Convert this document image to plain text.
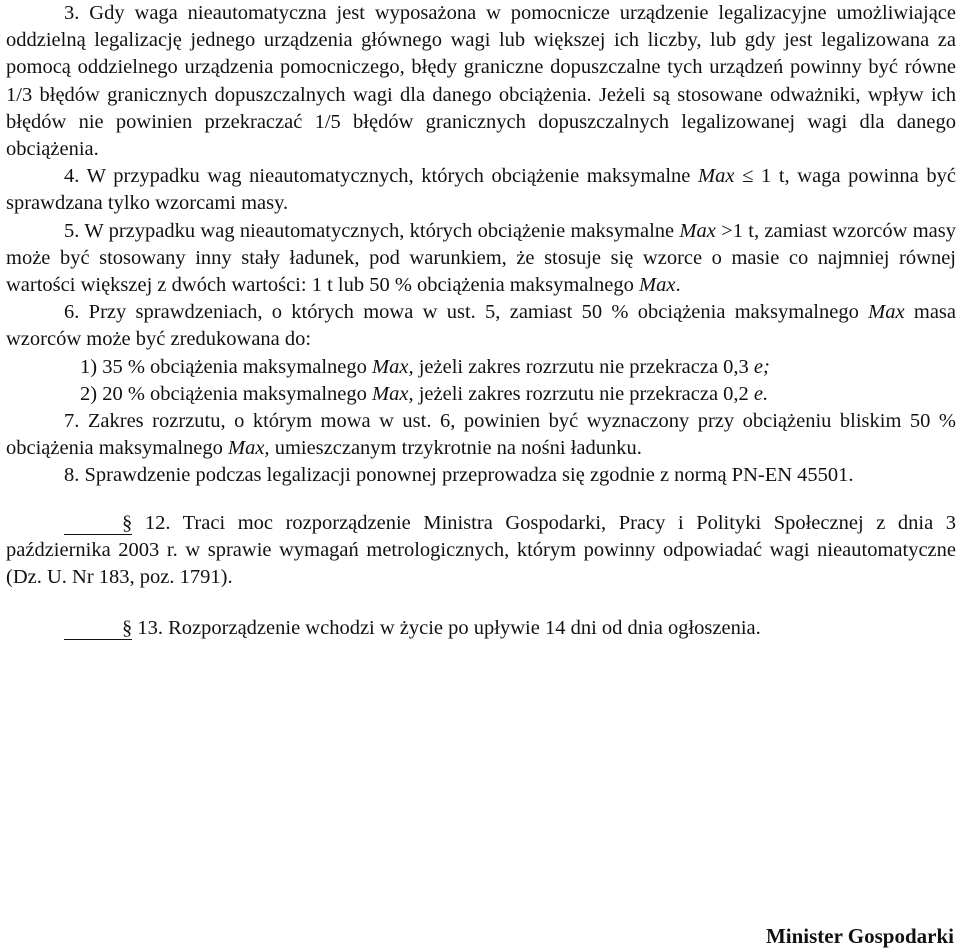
3. Gdy waga nieautomatyczna jest wyposażona w pomocnicze urządzenie legalizacyjne umożliwiające oddzielną legalizację jednego urządzenia głównego wagi lub większej ich liczby, lub gdy jest legalizowana za pomocą oddzielnego urządzenia pomocniczego, błędy graniczne dopuszczalne tych urządzeń powinny być równe 1/3 błędów granicznych dopuszczalnych wagi dla danego obciążenia. Jeżeli są stosowane odważniki, wpływ ich błędów nie powinien przekraczać 1/5 błędów granicznych dopuszczalnych legalizowanej wagi dla danego obciążenia.

4. W przypadku wag nieautomatycznych, których obciążenie maksymalne Max ≤ 1 t, waga powinna być sprawdzana tylko wzorcami masy.

5. W przypadku wag nieautomatycznych, których obciążenie maksymalne Max >1 t, zamiast wzorców masy może być stosowany inny stały ładunek, pod warunkiem, że stosuje się wzorce o masie co najmniej równej wartości większej z dwóch wartości: 1 t lub 50 % obciążenia maksymalnego Max.

6. Przy sprawdzeniach, o których mowa w ust. 5, zamiast 50 % obciążenia maksymalnego Max masa wzorców może być zredukowana do:

1) 35 % obciążenia maksymalnego Max, jeżeli zakres rozrzutu nie przekracza 0,3 e;

2) 20 % obciążenia maksymalnego Max, jeżeli zakres rozrzutu nie przekracza 0,2 e.

7. Zakres rozrzutu, o którym mowa w ust. 6, powinien być wyznaczony przy obciążeniu bliskim 50 % obciążenia maksymalnego Max, umieszczanym trzykrotnie na nośni ładunku.

8. Sprawdzenie podczas legalizacji ponownej przeprowadza się zgodnie z normą PN-EN 45501.

§ 12. Traci moc rozporządzenie Ministra Gospodarki, Pracy i Polityki Społecznej z dnia 3 października 2003 r. w sprawie wymagań metrologicznych, którym powinny odpowiadać wagi nieautomatyczne (Dz. U. Nr 183, poz. 1791).

§ 13. Rozporządzenie wchodzi w życie po upływie 14 dni od dnia ogłoszenia.

Minister Gospodarki
